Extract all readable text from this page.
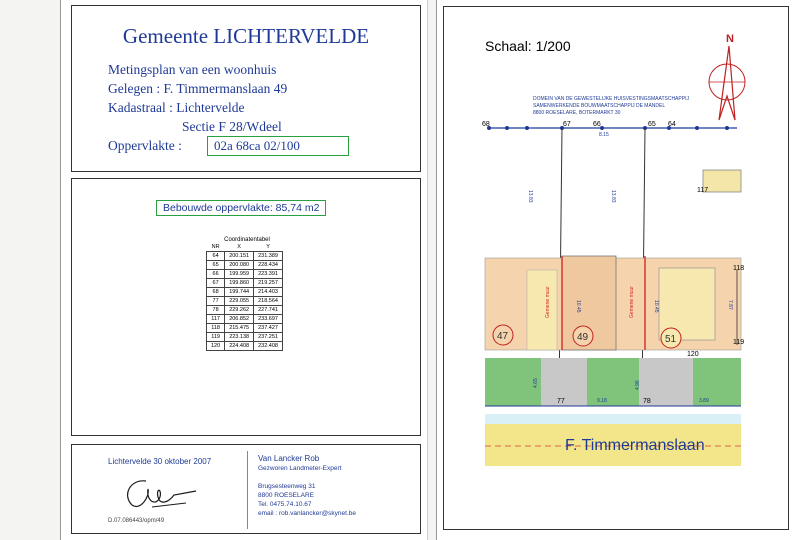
Gemeente LICHTERVELDE
Metingsplan van een woonhuis
Gelegen : F. Timmermanslaan 49
Kadastraal : Lichtervelde
Sectie F 28/Wdeel
Oppervlakte :	02a 68ca 02/100
Bebouwde oppervlakte: 85,74 m2
Coordinatentabel
NR	X	Y
64	200.151	231.389
65	200.080	228.434
66	199.959	223.391
67	199.860	219.257
68	199.744	214.403
77	229.055	218.564
78	229.262	227.741
117	206.852	233.697
118	215.475	237.427
119	223.138	237.251
120	224.408	232.408
Lichtervelde 30 oktober 2007
D.07.086443/opm/49
Van Lancker Rob
Gezworen Landmeter-Expert
Brugsesteenweg 31
8800 ROESELARE
Tel. 0475.74.10.67
email : rob.vanlancker@skynet.be
Schaal: 1/200	N
DOMEIN VAN DE GEWESTELIJKE HUISVESTINGSMAATSCHAPPIJ
SAMENWERKENDE BOUWMAATSCHAPPIJ DE MANDEL
8800 ROESELARE, BOTERMARKT 30
68	67	66	65 64
8.15
13.83	13.83	117
Gemene muur	Gemene muur
10.45	10.45
118
119
120
7.87
47	49	51
4.65	4.96
77	78
9.18	3.89
F. Timmermanslaan
